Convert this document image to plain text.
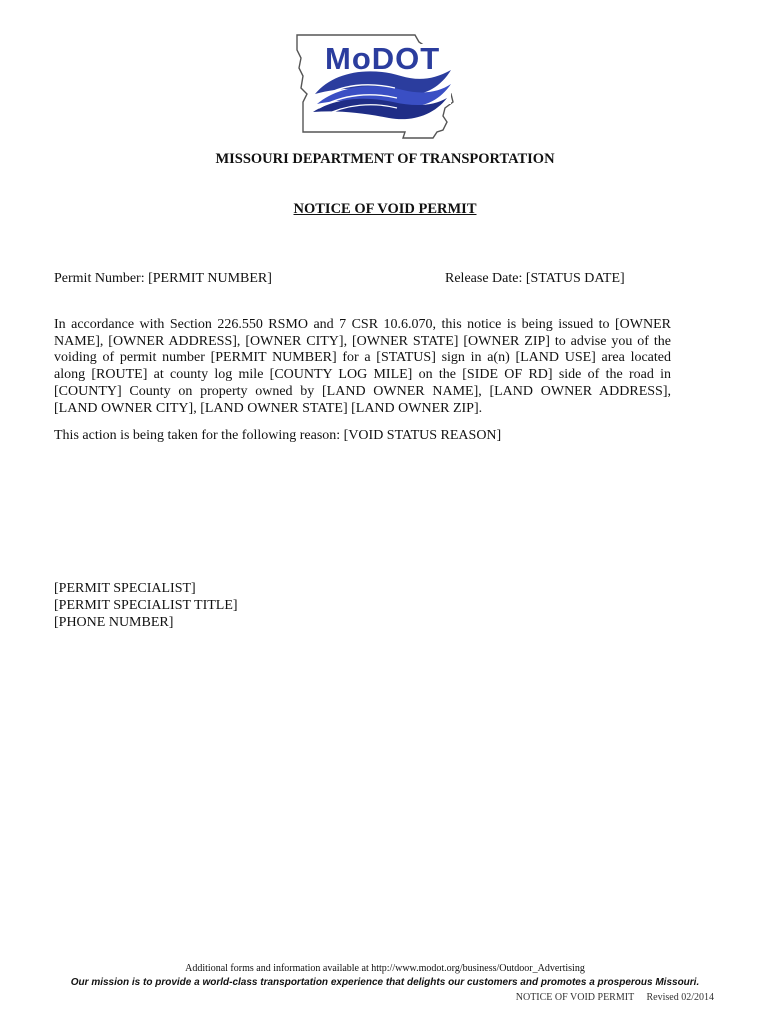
MoDOT
MISSOURI DEPARTMENT OF TRANSPORTATION
NOTICE OF VOID PERMIT
Permit Number: [PERMIT NUMBER]	Release Date: [STATUS DATE]

In accordance with Section 226.550 RSMO and 7 CSR 10.6.070, this notice is being issued to [OWNER NAME], [OWNER ADDRESS], [OWNER CITY], [OWNER STATE] [OWNER ZIP] to advise you of the voiding of permit number [PERMIT NUMBER] for a [STATUS] sign in a(n) [LAND USE] area located along [ROUTE] at county log mile [COUNTY LOG MILE] on the [SIDE OF RD] side of the road in [COUNTY] County on property owned by [LAND OWNER NAME], [LAND OWNER ADDRESS], [LAND OWNER CITY], [LAND OWNER STATE] [LAND OWNER ZIP].

This action is being taken for the following reason: [VOID STATUS REASON]
[PERMIT SPECIALIST]
[PERMIT SPECIALIST TITLE]
[PHONE NUMBER]
Additional forms and information available at http://www.modot.org/business/Outdoor_Advertising
Our mission is to provide a world-class transportation experience that delights our customers and promotes a prosperous Missouri.
NOTICE OF VOID PERMIT Revised 02/2014
